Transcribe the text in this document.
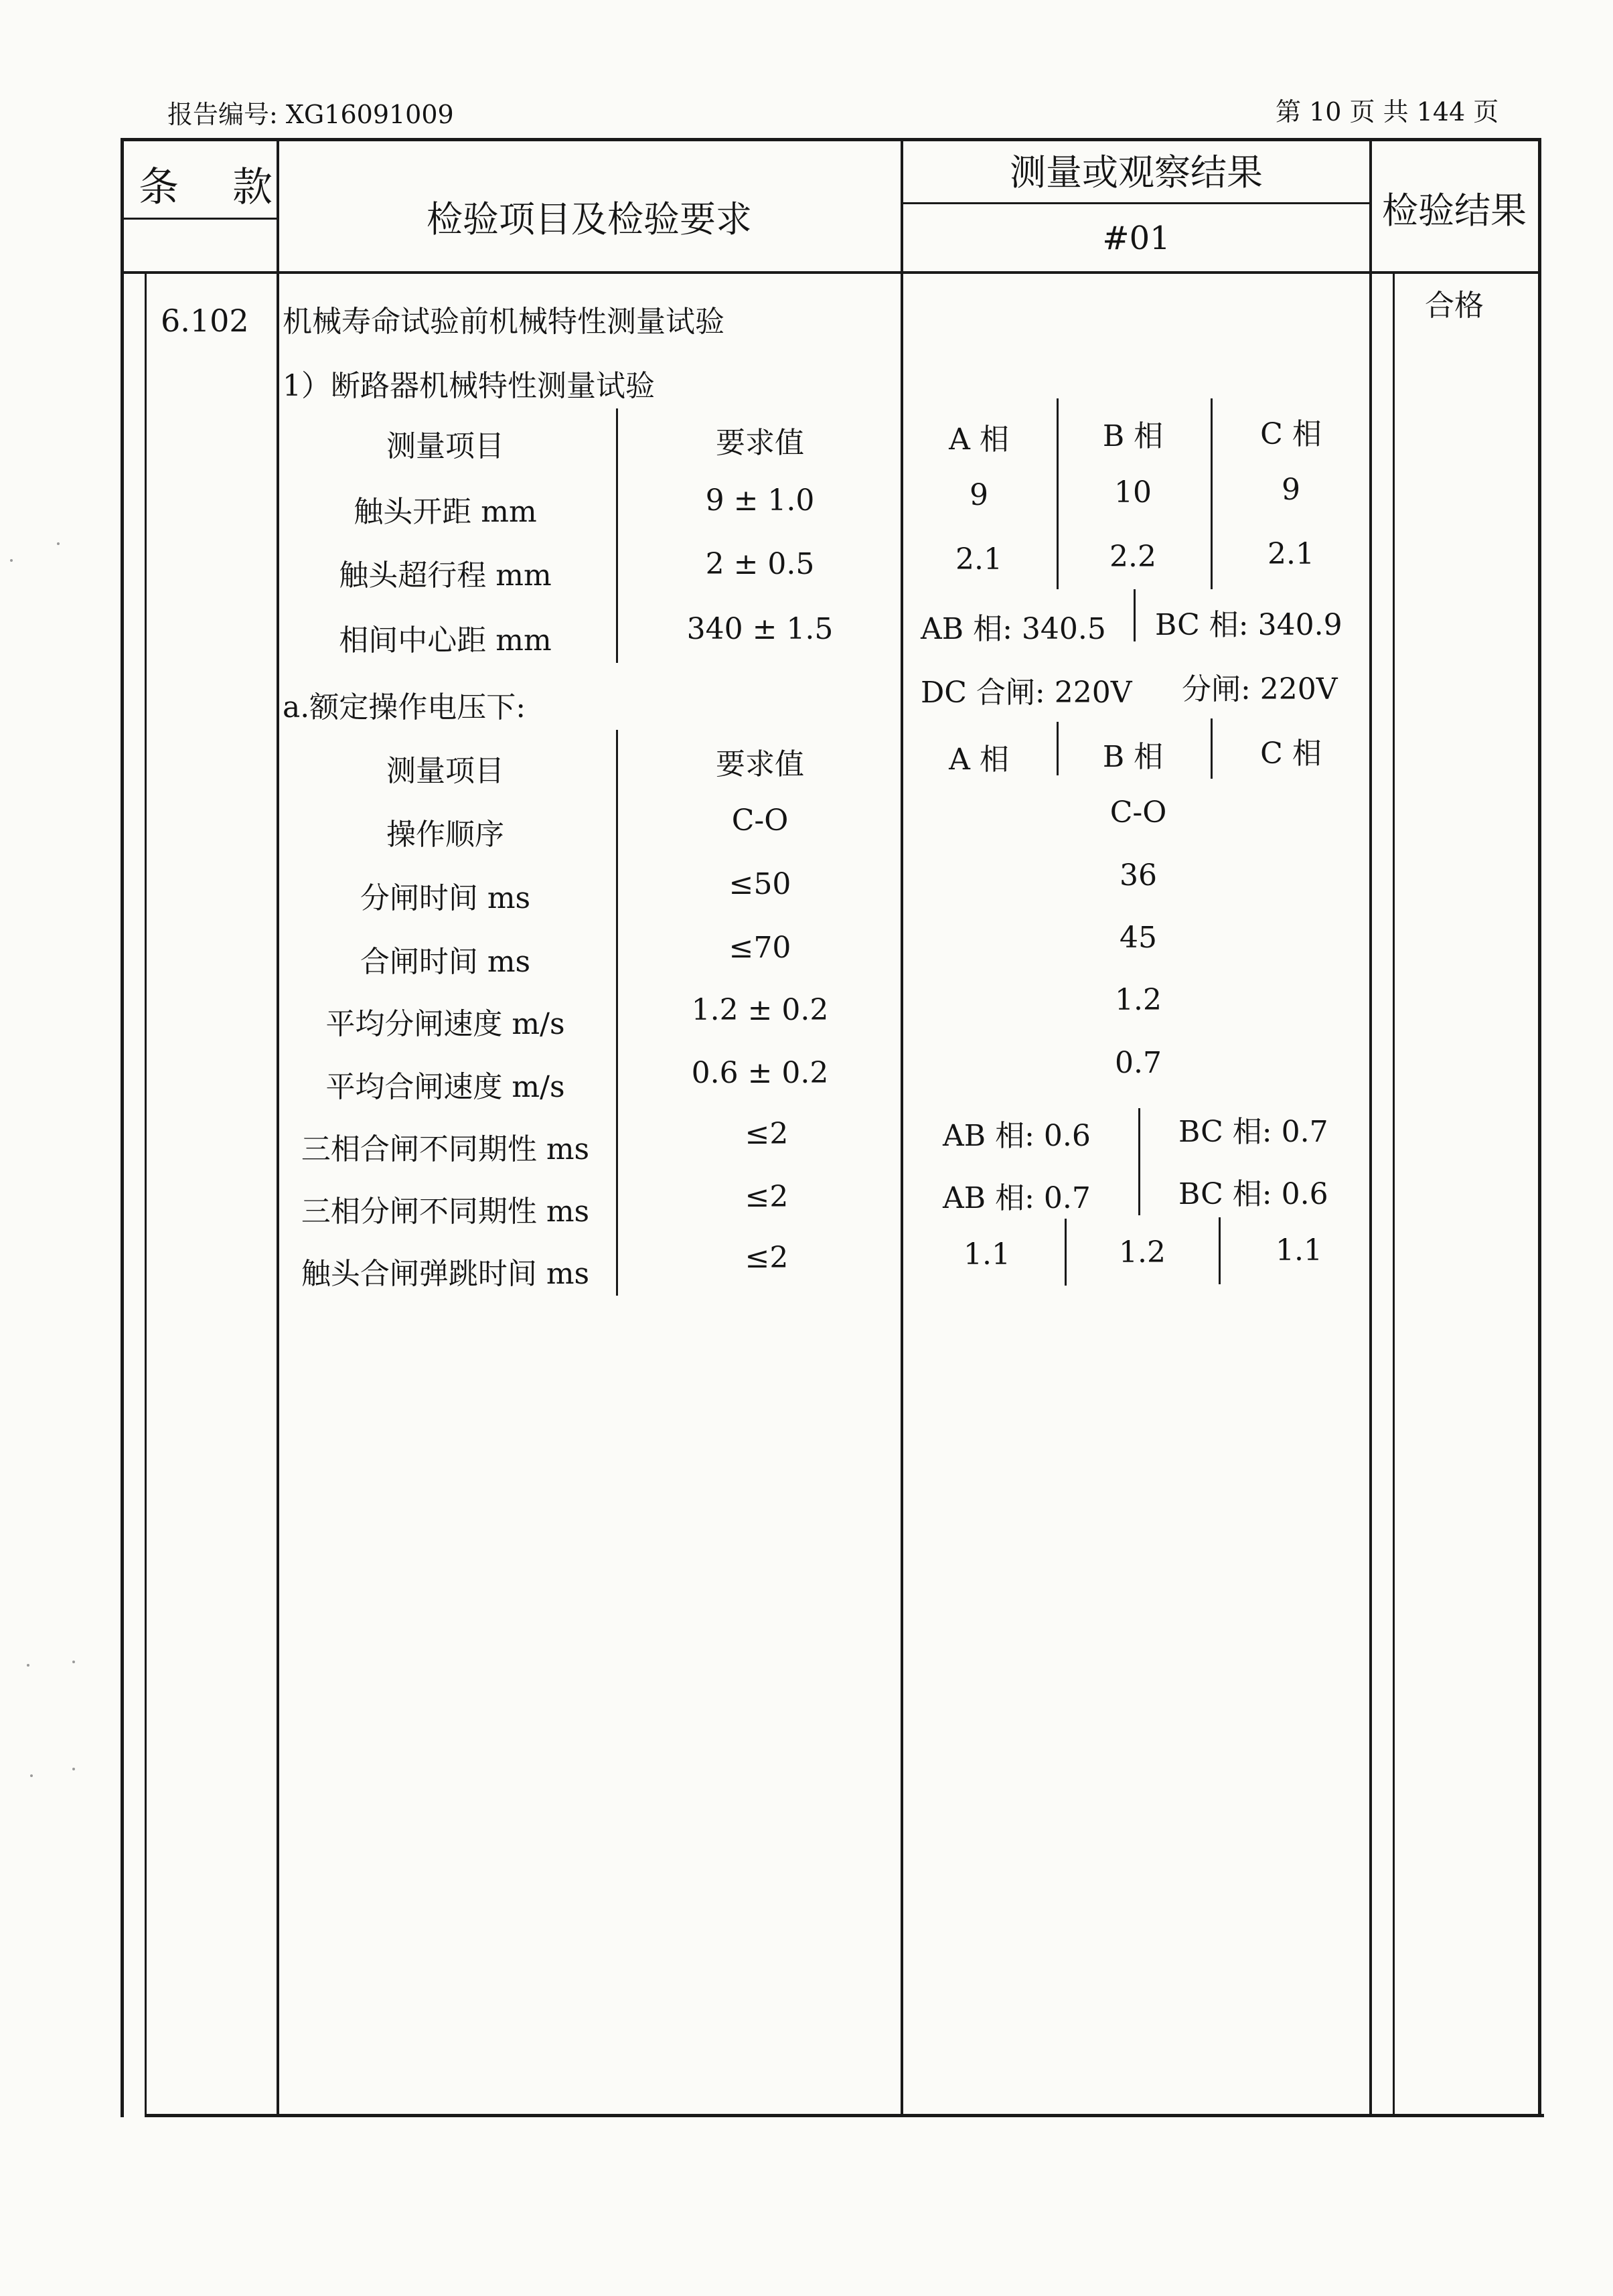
报告编号: XG16091009	第 10 页 共 144 页
条　款
检验项目及检验要求
测量或观察结果
#01
检验结果
6.102	合格
机械寿命试验前机械特性测量试验
1）断路器机械特性测量试验
测量项目	要求值
触头开距 mm	9 ± 1.0
触头超行程 mm	2 ± 0.5
相间中心距 mm	340 ± 1.5
A 相	B 相	C 相
9	10	9
2.1	2.2	2.1
AB 相: 340.5 BC 相: 340.9
a.额定操作电压下:	DC 合闸: 220V 分闸: 220V
测量项目	要求值	A 相	B 相	C 相
操作顺序	C-O	C-O
分闸时间 ms	≤50	36
合闸时间 ms	≤70	45
平均分闸速度 m/s	1.2 ± 0.2	1.2
平均合闸速度 m/s	0.6 ± 0.2	0.7
三相合闸不同期性 ms	≤2	AB 相: 0.6	BC 相: 0.7
三相分闸不同期性 ms	≤2	AB 相: 0.7	BC 相: 0.6
触头合闸弹跳时间 ms	≤2	1.1	1.2	1.1
